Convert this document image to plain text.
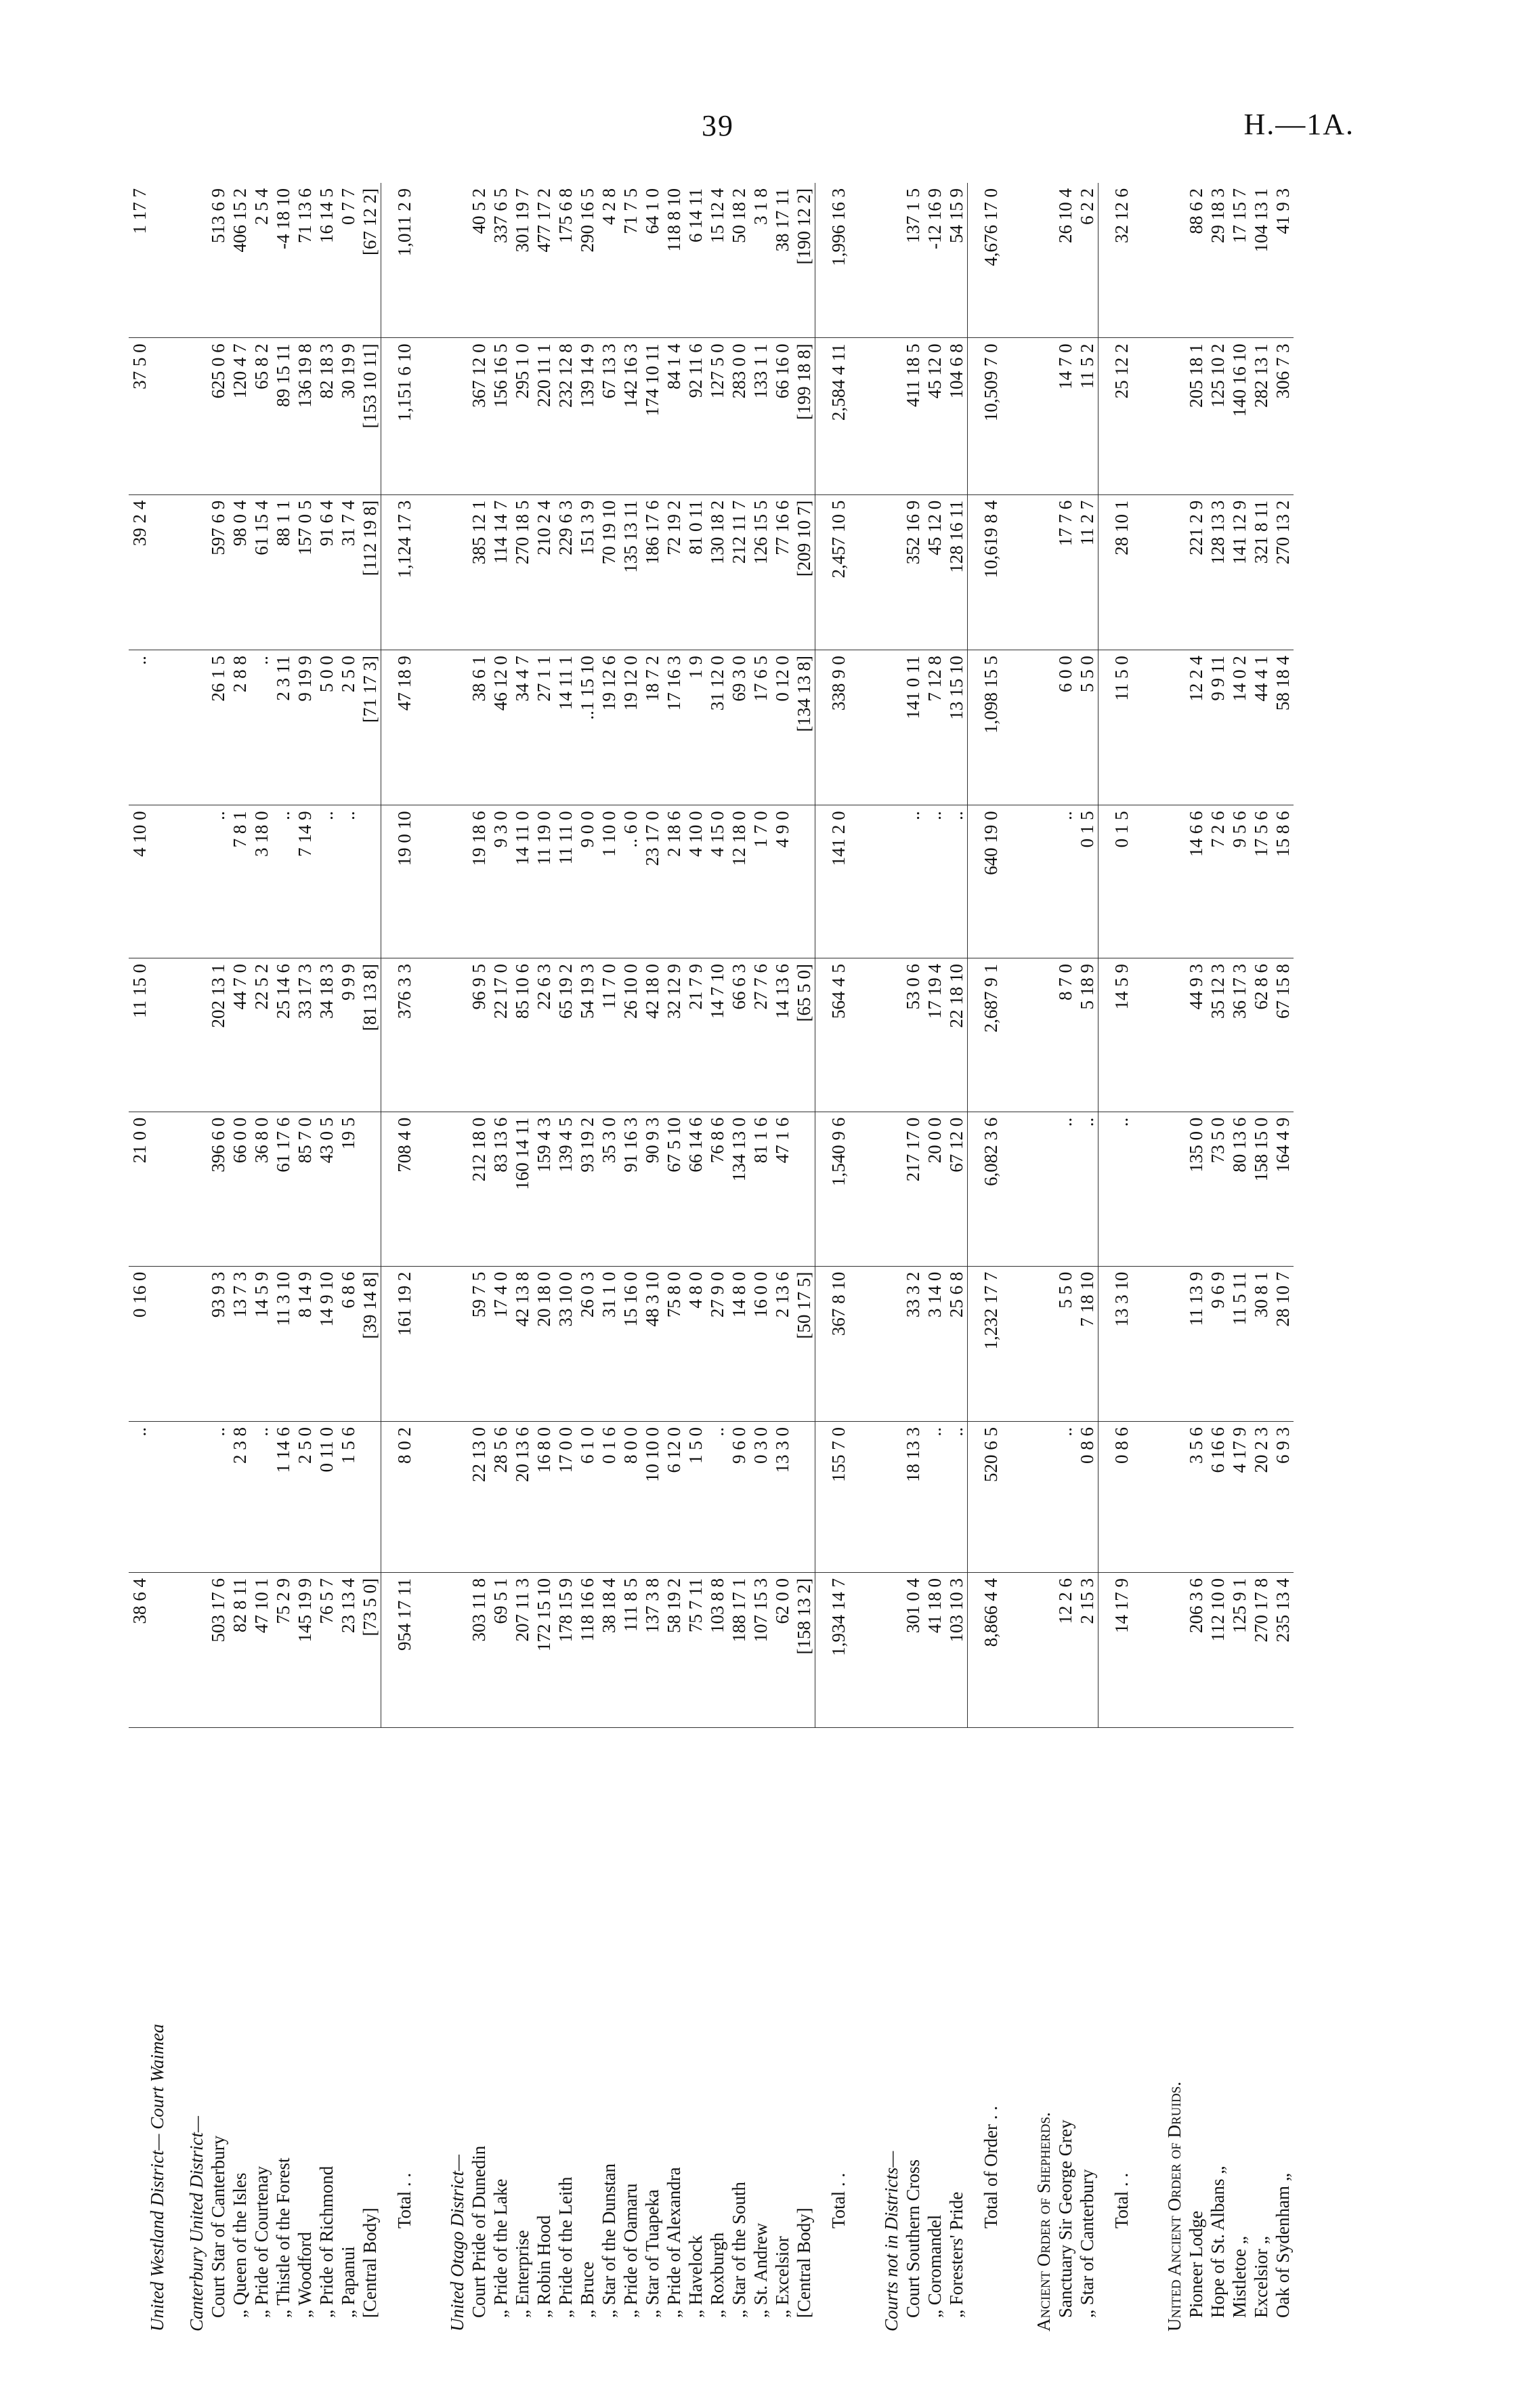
39	H.—1A.
United Westland District— Court Waimea	38 6 4	..	0 16 0	21 0 0	11 15 0	4 10 0	..	39 2 4	37 5 0	1 17 7
Canterbury United District—										
Court Star of Canterbury	503 17 6	..	93 9 3	396 6 0	202 13 1	..	26 1 5	597 6 9	625 0 6	513 6 9
„ Queen of the Isles	82 8 11	2 3 8	13 7 3	66 0 0	44 7 0	7 8 1	2 8 8	98 0 4	120 4 7	406 15 2
„ Pride of Courtenay	47 10 1	..	14 5 9	36 8 0	22 5 2	3 18 0	..	61 15 4	65 8 2	2 5 4
„ Thistle of the Forest	75 2 9	1 14 6	11 3 10	61 17 6	25 14 6	..	2 3 11	88 1 1	89 15 11	-4 18 10
„ Woodford	145 19 9	2 5 0	8 14 9	85 7 0	33 17 3	7 14 9	9 19 9	157 0 5	136 19 8	71 13 6
„ Pride of Richmond	76 5 7	0 11 0	14 9 10	43 0 5	34 18 3	..	5 0 0	91 6 4	82 18 3	16 14 5
„ Papanui	23 13 4	1 5 6	6 8 6	19 5	9 9 9	..	2 5 0	31 7 4	30 19 9	0 7 7
[Central Body]	[73 5 0]		[39 14 8]		[81 13 8]		[71 17 3]	[112 19 8]	[153 10 11]	[67 12 2]
Total . .	954 17 11	8 0 2	161 19 2	708 4 0	376 3 3	19 0 10	47 18 9	1,124 17 3	1,151 6 10	1,011 2 9
United Otago District—										
Court Pride of Dunedin	303 11 8	22 13 0	59 7 5	212 18 0	96 9 5	19 18 6	38 6 1	385 12 1	367 12 0	40 5 2
„ Pride of the Lake	69 5 1	28 5 6	17 4 0	83 13 6	22 17 0	9 3 0	46 12 0	114 14 7	156 16 5	337 6 5
„ Enterprise	207 11 3	20 13 6	42 13 8	160 14 11	85 10 6	14 11 0	34 4 7	270 18 5	295 1 0	301 19 7
„ Robin Hood	172 15 10	16 8 0	20 18 0	159 4 3	22 6 3	11 19 0	27 1 1	210 2 4	220 11 1	477 17 2
„ Pride of the Leith	178 15 9	17 0 0	33 10 0	139 4 5	65 19 2	11 11 0	14 11 1	229 6 3	232 12 8	175 6 8
„ Bruce	118 16 6	6 1 0	26 0 3	93 19 2	54 19 3	9 0 0	..1 15 10	151 3 9	139 14 9	290 16 5
„ Star of the Dunstan	38 18 4	0 1 6	31 1 0	35 3 0	11 7 0	1 10 0	19 12 6	70 19 10	67 13 3	4 2 8
„ Pride of Oamaru	111 8 5	8 0 0	15 16 0	91 16 3	26 10 0	.. 6 0	19 12 0	135 13 11	142 16 3	71 7 5
„ Star of Tuapeka	137 3 8	10 10 0	48 3 10	90 9 3	42 18 0	23 17 0	18 7 2	186 17 6	174 10 11	64 1 0
„ Pride of Alexandra	58 19 2	6 12 0	75 8 0	67 5 10	32 12 9	2 18 6	17 16 3	72 19 2	84 1 4	118 8 10
„ Havelock	75 7 11	1 5 0	4 8 0	66 14 6	21 7 9	4 10 0	1 9	81 0 11	92 11 6	6 14 11
„ Roxburgh	103 8 8	..	27 9 0	76 8 6	14 7 10	4 15 0	31 12 0	130 18 2	127 5 0	15 12 4
„ Star of the South	188 17 1	9 6 0	14 8 0	134 13 0	66 6 3	12 18 0	69 3 0	212 11 7	283 0 0	50 18 2
„ St. Andrew	107 15 3	0 3 0	16 0 0	81 1 6	27 7 6	1 7 0	17 6 5	126 15 5	133 1 1	3 1 8
„ Excelsior	62 0 0	13 3 0	2 13 6	47 1 6	14 13 6	4 9 0	0 12 0	77 16 6	66 16 0	38 17 11
[Central Body]	[158 13 2]		[50 17 5]		[65 5 0]		[134 13 8]	[209 10 7]	[199 18 8]	[190 12 2]
Total . .	1,934 14 7	155 7 0	367 8 10	1,540 9 6	564 4 5	141 2 0	338 9 0	2,457 10 5	2,584 4 11	1,996 16 3
Courts not in Districts—										
Court Southern Cross	301 0 4	18 13 3	33 3 2	217 17 0	53 0 6	..	141 0 11	352 16 9	411 18 5	137 1 5
„ Coromandel	41 18 0	..	3 14 0	20 0 0	17 19 4	..	7 12 8	45 12 0	45 12 0	-12 16 9
„ Foresters' Pride	103 10 3	..	25 6 8	67 12 0	22 18 10	..	13 15 10	128 16 11	104 6 8	54 15 9
Total of Order . .	8,866 4 4	520 6 5	1,232 17 7	6,082 3 6	2,687 9 1	640 19 0	1,098 15 5	10,619 8 4	10,509 7 0	4,676 17 0
Ancient Order of Shepherds.										
Sanctuary Sir George Grey	12 2 6	..	5 5 0	..	8 7 0	..	6 0 0	17 7 6	14 7 0	26 10 4
„ Star of Canterbury	2 15 3	0 8 6	7 18 10	..	5 18 9	0 1 5	5 5 0	11 2 7	11 5 2	6 2 2
Total . .	14 17 9	0 8 6	13 3 10	..	14 5 9	0 1 5	11 5 0	28 10 1	25 12 2	32 12 6
United Ancient Order of Druids.										
Pioneer Lodge	206 3 6	3 5 6	11 13 9	135 0 0	44 9 3	14 6 6	12 2 4	221 2 9	205 18 1	88 6 2
Hope of St. Albans „	112 10 0	6 16 6	9 6 9	73 5 0	35 12 3	7 2 6	9 9 11	128 13 3	125 10 2	29 18 3
Mistletoe „	125 9 1	4 17 9	11 5 11	80 13 6	36 17 3	9 5 6	14 0 2	141 12 9	140 16 10	17 15 7
Excelsior „	270 17 8	20 2 3	30 8 1	158 15 0	62 8 6	17 5 6	44 4 1	321 8 11	282 13 1	104 13 1
Oak of Sydenham „	235 13 4	6 9 3	28 10 7	164 4 9	67 15 8	15 8 6	58 18 4	270 13 2	306 7 3	41 9 3
